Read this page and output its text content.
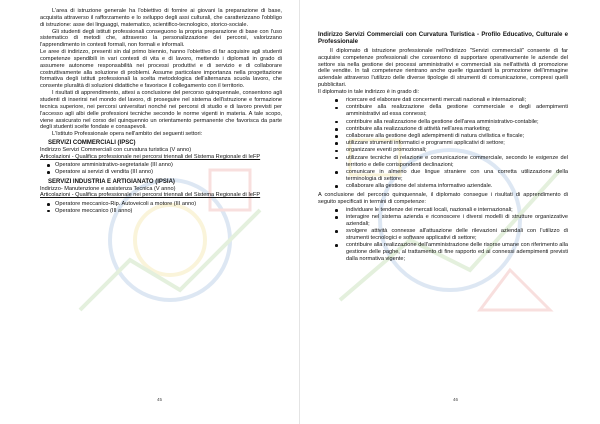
L'area di istruzione generale ha l'obiettivo di fornire ai giovani la preparazione di base, acquisita attraverso il rafforzamento e lo sviluppo degli assi culturali, che caratterizzano l'obbligo di istruzione: asse dei linguaggi, matematico, scientifico-tecnologico, storico-sociale.

Gli studenti degli istituti professionali conseguono la propria preparazione di base con l'uso sistematico di metodi che, attraverso la personalizzazione dei percorsi, valorizzano l'apprendimento in contesti formali, non formali e informali.

Le aree di indirizzo, presenti sin dal primo biennio, hanno l'obiettivo di far acquisire agli studenti competenze spendibili in vari contesti di vita e di lavoro, mettendo i diplomati in grado di assumere autonome responsabilità nei processi produttivi e di servizio e di collaborare costruttivamente alla soluzione di problemi. Assume particolare importanza nella progettazione formativa degli istituti professionali la scelta metodologica dell'alternanza scuola lavoro, che consente pluralità di soluzioni didattiche e favorisce il collegamento con il territorio.

I risultati di apprendimento, attesi a conclusione del percorso quinquennale, consentono agli studenti di inserirsi nel mondo del lavoro, di proseguire nel sistema dell'istruzione e formazione tecnica superiore, nei percorsi universitari nonché nei percorsi di studio e di lavoro previsti per l'accesso agli albi delle professioni tecniche secondo le norme vigenti in materia. A tale scopo, viene assicurato nel corso del quinquennio un orientamento permanente che favorisca da parte degli studenti scelte fondate e consapevoli.

L'Istituto Professionale opera nell'ambito dei seguenti settori:

SERVIZI COMMERCIALI (IPSC)

Indirizzo Servizi Commerciali con curvatura turistica (V anno)

Articolazioni - Qualifica professionale nei percorsi triennali del Sistema Regionale di IeFP

Operatore amministrativo-segretariale (III anno)
Operatore ai servizi di vendita (III anno)

SERVIZI INDUSTRIA E ARTIGIANATO (IPSIA)

Indirizzo- Manutenzione e assistenza Tecnica (V anno)

Articolazioni - Qualifica professionale nei percorsi triennali del Sistema Regionale di IeFP

Operatore meccanico-Rip. Autoveicoli a motore (III anno)
Operatore meccanico (III anno)
45

Indirizzo Servizi Commerciali con Curvatura Turistica - Profilo Educativo, Culturale e Professionale

Il diplomato di istruzione professionale nell'indirizzo "Servizi commerciali" consente di far acquisire competenze professionali che consentono di supportare operativamente le aziende del settore sia nella gestione dei processi amministrativi e commerciali sia nell'attività di promozione delle vendite. In tali competenze rientrano anche quelle riguardanti la promozione dell'immagine aziendale attraverso l'utilizzo delle diverse tipologie di strumenti di comunicazione, compresi quelli pubblicitari.

Il diplomato in tale indirizzo è in grado di:

ricercare ed elaborare dati concernenti mercati nazionali e internazionali;
contribuire alla realizzazione della gestione commerciale e degli adempimenti amministrativi ad essa connessi;
contribuire alla realizzazione della gestione dell'area amministrativo-contabile;
contribuire alla realizzazione di attività nell'area marketing;
collaborare alla gestione degli adempimenti di natura civilistica e fiscale;
utilizzare strumenti informatici e programmi applicativi di settore;
organizzare eventi promozionali;
utilizzare tecniche di relazione e comunicazione commerciale, secondo le esigenze del territorio e delle corrispondenti declinazioni;
comunicare in almeno due lingue straniere con una corretta utilizzazione della terminologia di settore;
collaborare alla gestione del sistema informativo aziendale.

A conclusione del percorso quinquennale, il diplomato consegue i risultati di apprendimento di seguito specificati in termini di competenze:

individuare le tendenze dei mercati locali, nazionali e internazionali;
interagire nel sistema azienda e riconoscere i diversi modelli di strutture organizzative aziendali;
svolgere attività connesse all'attuazione delle rilevazioni aziendali con l'utilizzo di strumenti tecnologici e software applicativi di settore;
contribuire alla realizzazione dell'amministrazione delle risorse umane con riferimento alla gestione delle paghe, al trattamento di fine rapporto ed ai connessi adempimenti previsti dalla normativa vigente;
46
